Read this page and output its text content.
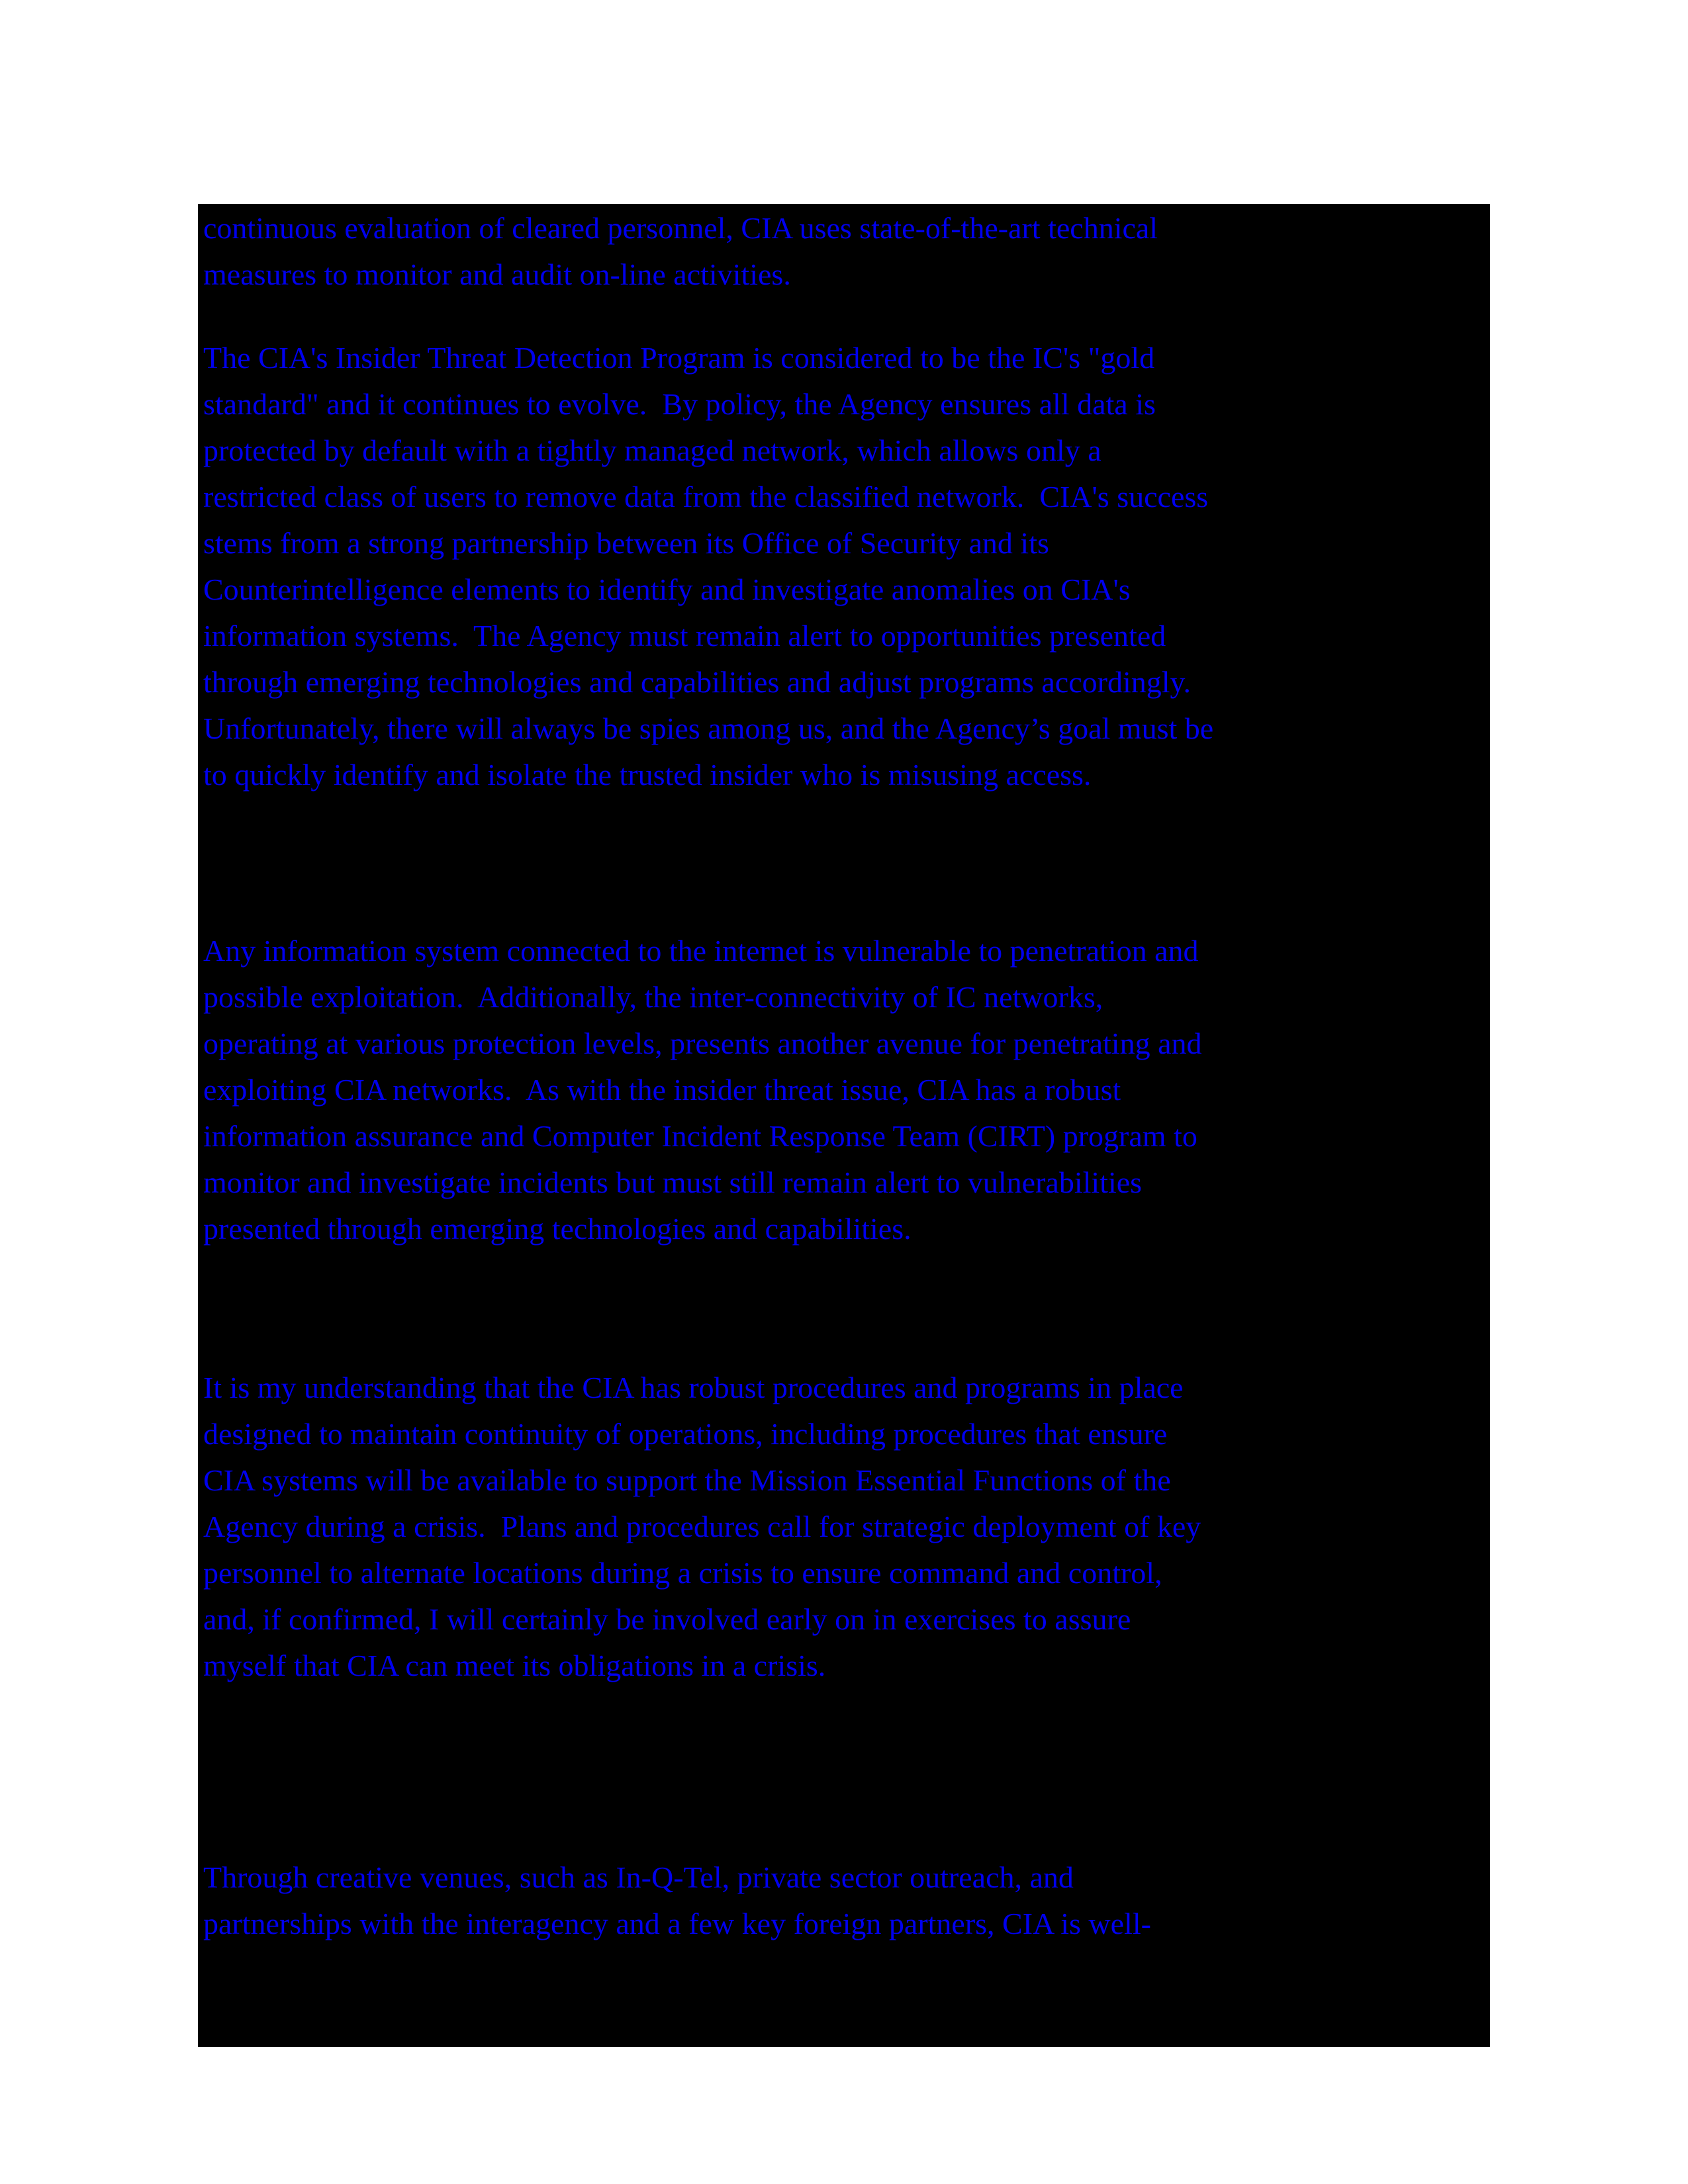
continuous evaluation of cleared personnel, CIA uses state-of-the-art technical
measures to monitor and audit on-line activities.

The CIA's Insider Threat Detection Program is considered to be the IC's "gold
standard" and it continues to evolve.  By policy, the Agency ensures all data is
protected by default with a tightly managed network, which allows only a
restricted class of users to remove data from the classified network.  CIA's success
stems from a strong partnership between its Office of Security and its
Counterintelligence elements to identify and investigate anomalies on CIA's
information systems.  The Agency must remain alert to opportunities presented
through emerging technologies and capabilities and adjust programs accordingly.
Unfortunately, there will always be spies among us, and the Agency’s goal must be
to quickly identify and isolate the trusted insider who is misusing access.

Any information system connected to the internet is vulnerable to penetration and
possible exploitation.  Additionally, the inter-connectivity of IC networks,
operating at various protection levels, presents another avenue for penetrating and
exploiting CIA networks.  As with the insider threat issue, CIA has a robust
information assurance and Computer Incident Response Team (CIRT) program to
monitor and investigate incidents but must still remain alert to vulnerabilities
presented through emerging technologies and capabilities.

It is my understanding that the CIA has robust procedures and programs in place
designed to maintain continuity of operations, including procedures that ensure
CIA systems will be available to support the Mission Essential Functions of the
Agency during a crisis.  Plans and procedures call for strategic deployment of key
personnel to alternate locations during a crisis to ensure command and control,
and, if confirmed, I will certainly be involved early on in exercises to assure
myself that CIA can meet its obligations in a crisis.

Through creative venues, such as In-Q-Tel, private sector outreach, and
partnerships with the interagency and a few key foreign partners, CIA is well-
